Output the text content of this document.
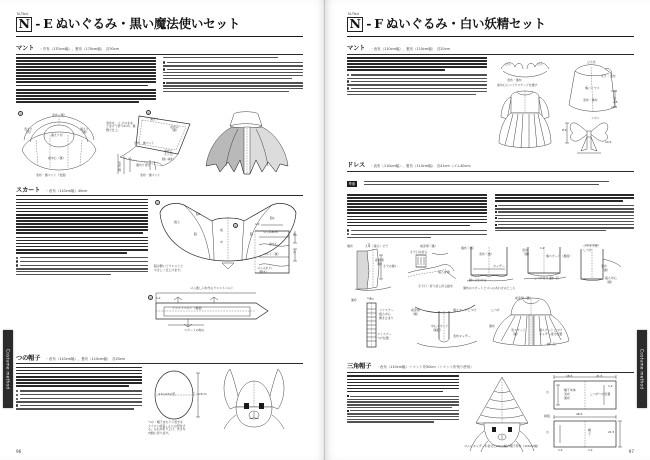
N-Tbd
N - E ぬいぐるみ・黒い魔法使いセット
マント ・巾布（170cm幅）、裏布（170cm幅）　各30cm
②	表布（裏）
表えり
（表）
裏えり
（裏）
裏えり付
前中心（裏）
表布・裏マント（表面）
③
表布を、上 そのまま
とまげて折り2cm、裏
側で仕上。
裏えり
表布の
（裏）
表布　裏マント
表布と
えりが
縫い重ね
表
布
側
裏切り部分
表布・裏マント
スカート ・表布（110cm幅）40cm
①
後ろ
脇1
脇
前
中
脇
脇1
脇が開いてウエストと
やさしく仕上げます。
②
ゴム通し口を作るウエストベルト
ウエストベルト（裏面）
1.2
スカートの地の
③	1.2
ゴム0.8cm
前中心
ベルト（裏）
わ
わ
ゴム入れ口
（開き）
つの帽子 ・表布（110cm幅）、裏布（110cm幅）　各20cm
4.5×4.5の型	芯＋9.5cm
つの・帽子まわり下書きを
アイロン接着しんにの型付け
る。左右を折り上げ、先さを
内側に折り返す。
Costume method
96
N-Tbd
N - F ぬいぐるみ・白い妖精セット
マント ・表布（110cm幅）、裏布（110cm幅）　各20cm
表布・裏布
前中心にバイヤステープを通す
ひも	ひも	ひも先
えり・表布
裏バイヤス
表布・裏布	わ
2.5
リボン
8.5
10.5
ドレス ・表布（110cm幅）、裏布（110cm幅）　各41cm（ゴム40cm）
準備
裏布	えり（後ろ）そで
前身頃
（裏）
そでの縫い
前身頃（裏）
そで口を折る
後ろ身頃
そで口・折り返し折る始末
裏布（裏）
表布（裏）
ギャザー
縫い合わせる
裏布のスカートとゴムのあわせのところ
表布
（裏）
1.2
裏スカート（裏面）
しつけをする
縫い目
ウエスト布
しつけ
表布
（裏）
後ろ中心
（裏）
裏布	1.2
ファスナー
後ろ中心
開き止まり
ファスナー
つけ位置
前身頃
（裏）
裏スカートしつけ
中心スカート
（裏面）
表布ギャザー
前身頃（裏）
しつけ
裏布
表スカート
（裏）
裏スカートしつけ
ギャザー寄せ位置
縫い目
三角帽子 ・表布（110cm幅）＋マント布50cm（＋マント布残り使用）
ゴムにギャザーを寄せた20cm幅の帽子用布（110cm幅）
18.5	21.5
わ	帽子本体
表布
裏布
しつけつけ位置
1.2
46.5
制図
わ	帽
子	21.5
1.2	1.2
Costume method
97
